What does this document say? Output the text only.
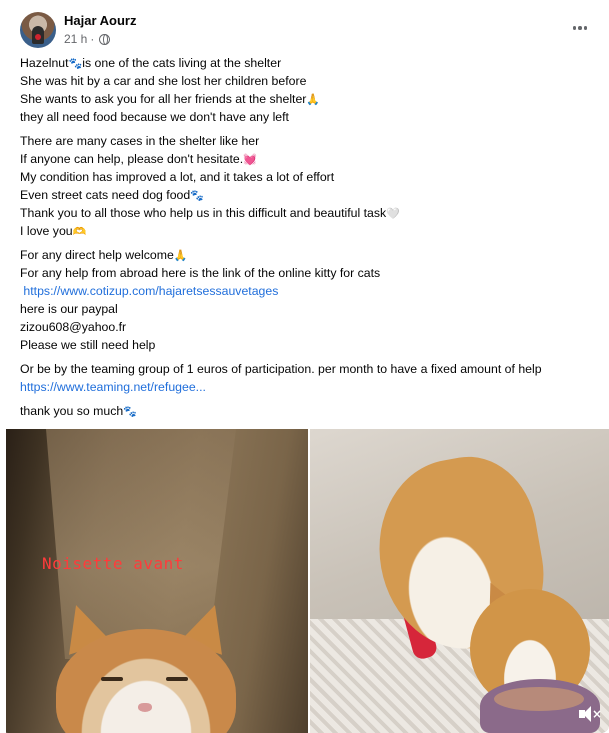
Hajar Aourz
21 h ·
Hazelnut🐾is one of the cats living at the shelter
She was hit by a car and she lost her children before
She wants to ask you for all her friends at the shelter🙏
they all need food because we don't have any left
There are many cases in the shelter like her
If anyone can help, please don't hesitate.💓
My condition has improved a lot, and it takes a lot of effort
Even street cats need dog food🐾
Thank you to all those who help us in this difficult and beautiful task🤍
I love you🫶
For any direct help welcome🙏
For any help from abroad here is the link of the online kitty for cats
https://www.cotizup.com/hajaretsessauvetages
here is our paypal
zizou608@yahoo.fr
Please we still need help
Or be by the teaming group of 1 euros of participation. per month to have a fixed amount of help
https://www.teaming.net/refugee...
thank you so much🐾
Noisette avant
×
